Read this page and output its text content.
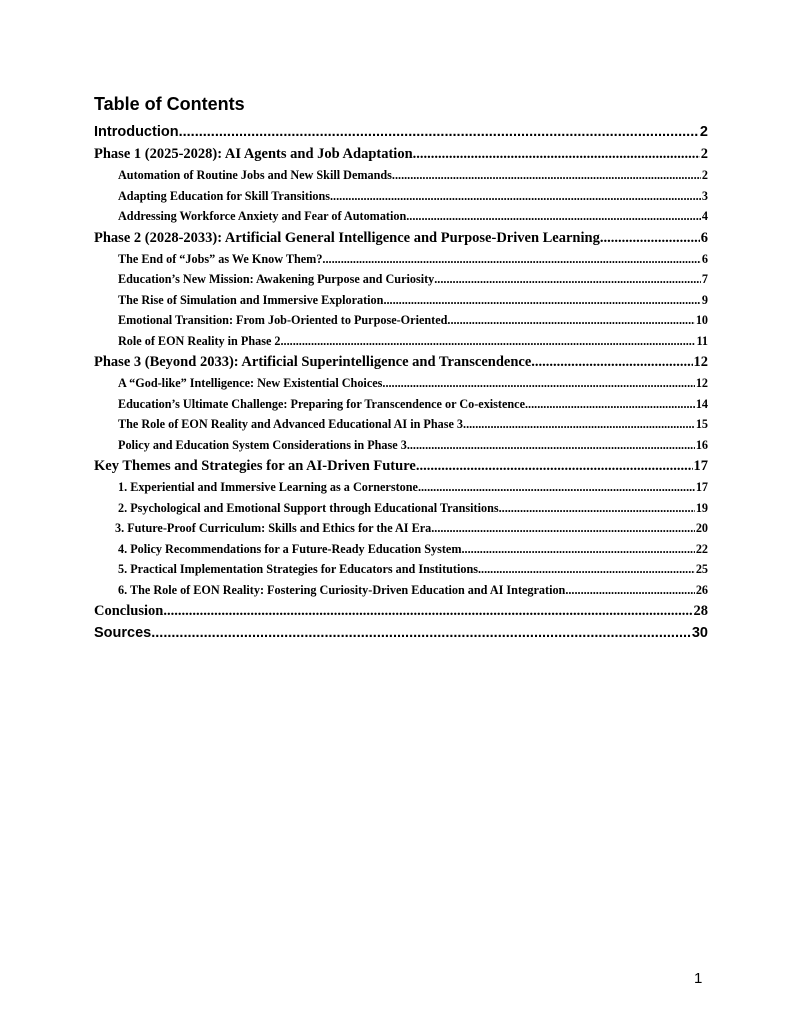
Table of Contents
Introduction .....	2
Phase 1 (2025-2028): AI Agents and Job Adaptation .....	2
Automation of Routine Jobs and New Skill Demands .....	2
Adapting Education for Skill Transitions .....	3
Addressing Workforce Anxiety and Fear of Automation .....	4
Phase 2 (2028-2033): Artificial General Intelligence and Purpose-Driven Learning .....	6
The End of “Jobs” as We Know Them? .....	6
Education’s New Mission: Awakening Purpose and Curiosity .....	7
The Rise of Simulation and Immersive Exploration .....	9
Emotional Transition: From Job-Oriented to Purpose-Oriented .....	10
Role of EON Reality in Phase 2 .....	11
Phase 3 (Beyond 2033): Artificial Superintelligence and Transcendence .....	12
A “God-like” Intelligence: New Existential Choices .....	12
Education’s Ultimate Challenge: Preparing for Transcendence or Co-existence .....	14
The Role of EON Reality and Advanced Educational AI in Phase 3 .....	15
Policy and Education System Considerations in Phase 3 .....	16
Key Themes and Strategies for an AI-Driven Future .....	17
1. Experiential and Immersive Learning as a Cornerstone .....	17
2. Psychological and Emotional Support through Educational Transitions .....	19
3. Future-Proof Curriculum: Skills and Ethics for the AI Era .....	20
4. Policy Recommendations for a Future-Ready Education System .....	22
5. Practical Implementation Strategies for Educators and Institutions .....	25
6. The Role of EON Reality: Fostering Curiosity-Driven Education and AI Integration .....	26
Conclusion .....	28
Sources .....	30
1
